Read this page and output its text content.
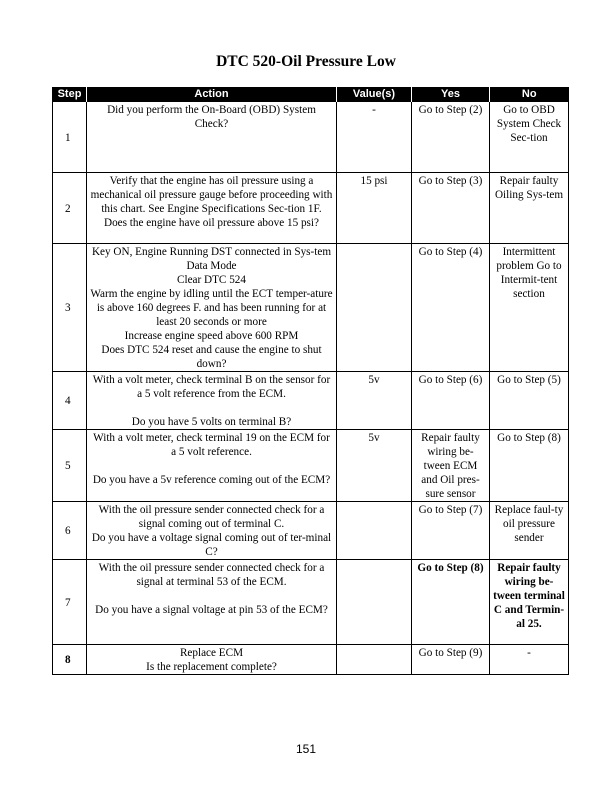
DTC 520-Oil Pressure Low
Step	Action	Value(s)	Yes	No
1	Did you perform the On-Board (OBD) System
Check?	-	Go to Step (2)	Go to OBD System Check Sec-tion
2	Verify that the engine has oil pressure using a mechanical oil pressure gauge before proceeding with this chart. See Engine Specifications Sec-tion 1F.
Does the engine have oil pressure above 15 psi?	15 psi	Go to Step (3)	Repair faulty Oiling Sys-tem
3	Key ON, Engine Running DST connected in Sys-tem Data Mode
Clear DTC 524
Warm the engine by idling until the ECT temper-ature is above 160 degrees F. and has been running for at least 20 seconds or more
Increase engine speed above 600 RPM
Does DTC 524 reset and cause the engine to shut down?		Go to Step (4)	Intermittent problem Go to Intermit-tent section
4	With a volt meter, check terminal B on the sensor for a 5 volt reference from the ECM.
Do you have 5 volts on terminal B?	5v	Go to Step (6)	Go to Step (5)
5	With a volt meter, check terminal 19 on the ECM for a 5 volt reference.
Do you have a 5v reference coming out of the ECM?	5v	Repair faulty wiring be-tween ECM and Oil pres-sure sensor	Go to Step (8)
6	With the oil pressure sender connected check for a signal coming out of terminal C.
Do you have a voltage signal coming out of ter-minal C?		Go to Step (7)	Replace faul-ty oil pressure sender
7	With the oil pressure sender connected check for a signal at terminal 53 of the ECM.
Do you have a signal voltage at pin 53 of the ECM?		Go to Step (8)	Repair faulty wiring be-tween terminal C and Termin-al 25.
8	Replace ECM
Is the replacement complete?		Go to Step (9)	-
151
